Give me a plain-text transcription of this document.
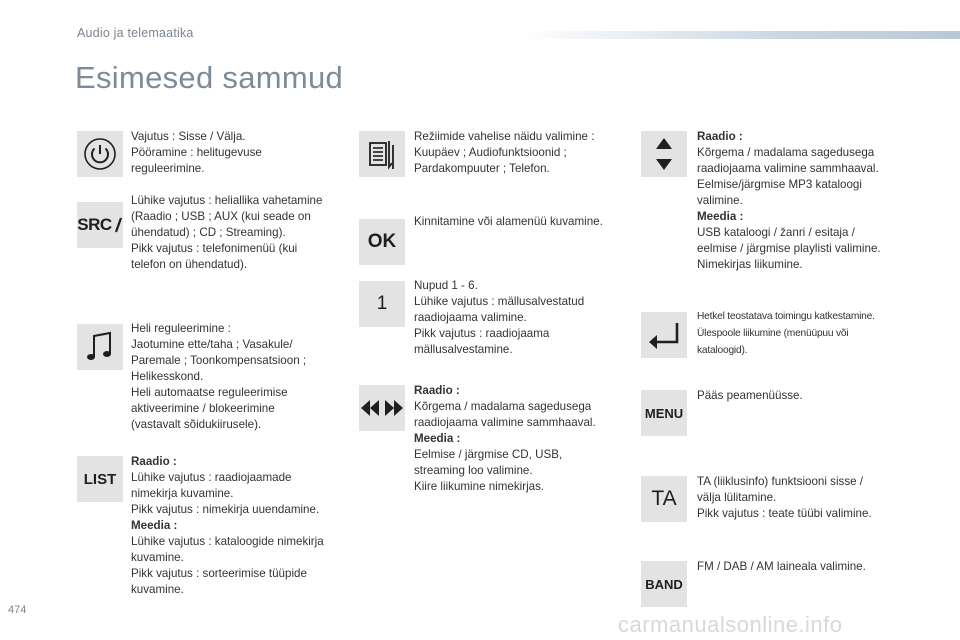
Audio ja telemaatika
Esimesed sammud
Vajutus : Sisse / Välja.
Pööramine : helitugevuse
reguleerimine.
SRC
Lühike vajutus : heliallika vahetamine
(Raadio ; USB ; AUX (kui seade on
ühendatud) ; CD ; Streaming).
Pikk vajutus : telefonimenüü (kui
telefon on ühendatud).
Heli reguleerimine :
Jaotumine ette/taha ; Vasakule/
Paremale ; Toonkompensatsioon ;
Helikesskond.
Heli automaatse reguleerimise
aktiveerimine / blokeerimine
(vastavalt sõidukiirusele).
LIST
Raadio :
Lühike vajutus : raadiojaamade
nimekirja kuvamine.
Pikk vajutus : nimekirja uuendamine.
Meedia :
Lühike vajutus : kataloogide nimekirja
kuvamine.
Pikk vajutus : sorteerimise tüüpide
kuvamine.
Režiimide vahelise näidu valimine :
Kuupäev ; Audiofunktsioonid ;
Pardakompuuter ; Telefon.
OK
Kinnitamine või alamenüü kuvamine.
1
Nupud 1 - 6.
Lühike vajutus : mällusalvestatud
raadiojaama valimine.
Pikk vajutus : raadiojaama
mällusalvestamine.
Raadio :
Kõrgema / madalama sagedusega
raadiojaama valimine sammhaaval.
Meedia :
Eelmise / järgmise CD, USB,
streaming loo valimine.
Kiire liikumine nimekirjas.
Raadio :
Kõrgema / madalama sagedusega
raadiojaama valimine sammhaaval.
Eelmise/järgmise MP3 kataloogi
valimine.
Meedia :
USB kataloogi / žanri / esitaja /
eelmise / järgmise playlisti valimine.
Nimekirjas liikumine.
Hetkel teostatava toimingu katkestamine.
Ülespoole liikumine (menüüpuu või
kataloogid).
MENU
Pääs peamenüüsse.
TA
TA (liiklusinfo) funktsiooni sisse /
välja lülitamine.
Pikk vajutus : teate tüübi valimine.
BAND
FM / DAB / AM laineala valimine.
474
carmanualsonline.info
